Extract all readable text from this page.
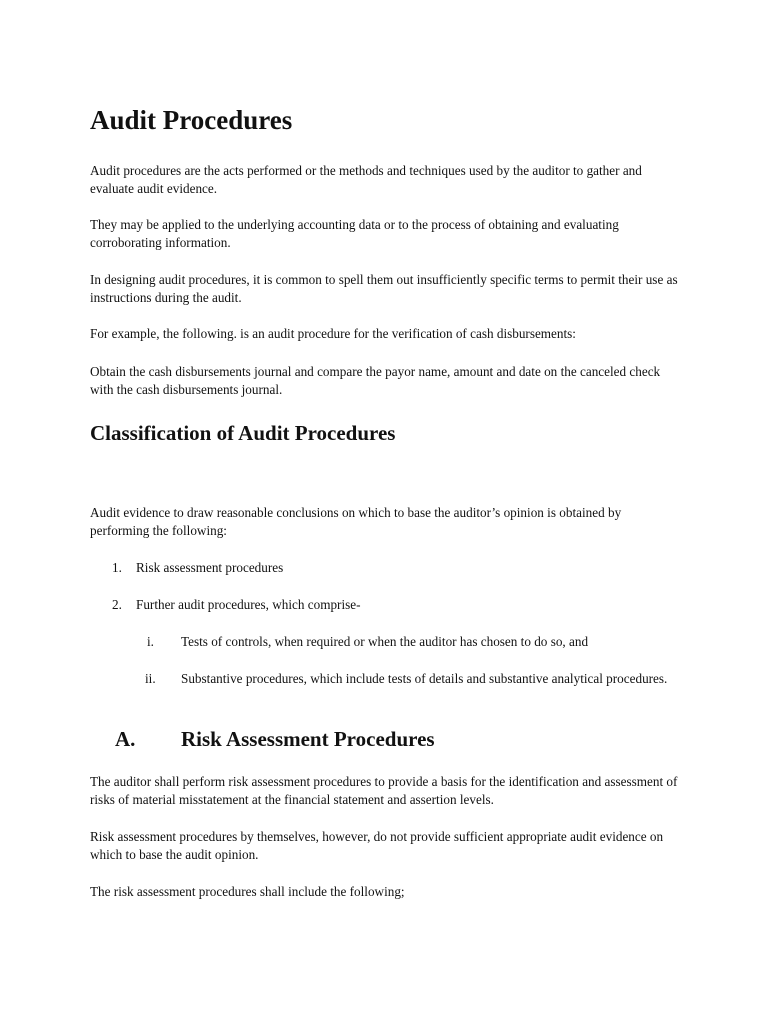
Audit Procedures

Audit procedures are the acts performed or the methods and techniques used by the auditor to gather and evaluate audit evidence.

They may be applied to the underlying accounting data or to the process of obtaining and evaluating corroborating information.

In designing audit procedures, it is common to spell them out insufficiently specific terms to permit their use as instructions during the audit.

For example, the following. is an audit procedure for the verification of cash disbursements:

Obtain the cash disbursements journal and compare the payor name, amount and date on the canceled check with the cash disbursements journal.

Classification of Audit Procedures

Audit evidence to draw reasonable conclusions on which to base the auditor’s opinion is obtained by performing the following:

1. Risk assessment procedures
2. Further audit procedures, which comprise-
i. Tests of controls, when required or when the auditor has chosen to do so, and
ii. Substantive procedures, which include tests of details and substantive analytical procedures.
A. Risk Assessment Procedures

The auditor shall perform risk assessment procedures to provide a basis for the identification and assessment of risks of material misstatement at the financial statement and assertion levels.

Risk assessment procedures by themselves, however, do not provide sufficient appropriate audit evidence on which to base the audit opinion.

The risk assessment procedures shall include the following;
